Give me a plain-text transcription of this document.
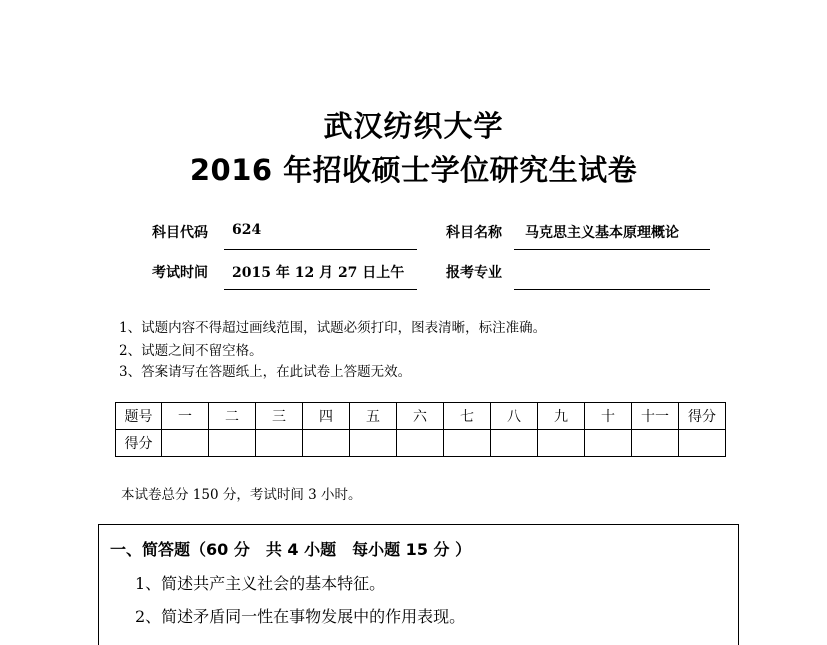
武汉纺织大学
2016 年招收硕士学位研究生试卷
科目代码 624	科目名称 马克思主义基本原理概论
考试时间 2015 年 12 月 27 日上午	报考专业
1、试题内容不得超过画线范围，试题必须打印，图表清晰，标注准确。
2、试题之间不留空格。
3、答案请写在答题纸上，在此试卷上答题无效。
题号	一	二	三	四	五	六	七	八	九	十	十一	得分
得分												
本试卷总分 150 分，考试时间 3 小时。
一、简答题（60 分　共 4 小题　每小题 15 分 ）
1、简述共产主义社会的基本特征。
2、简述矛盾同一性在事物发展中的作用表现。
